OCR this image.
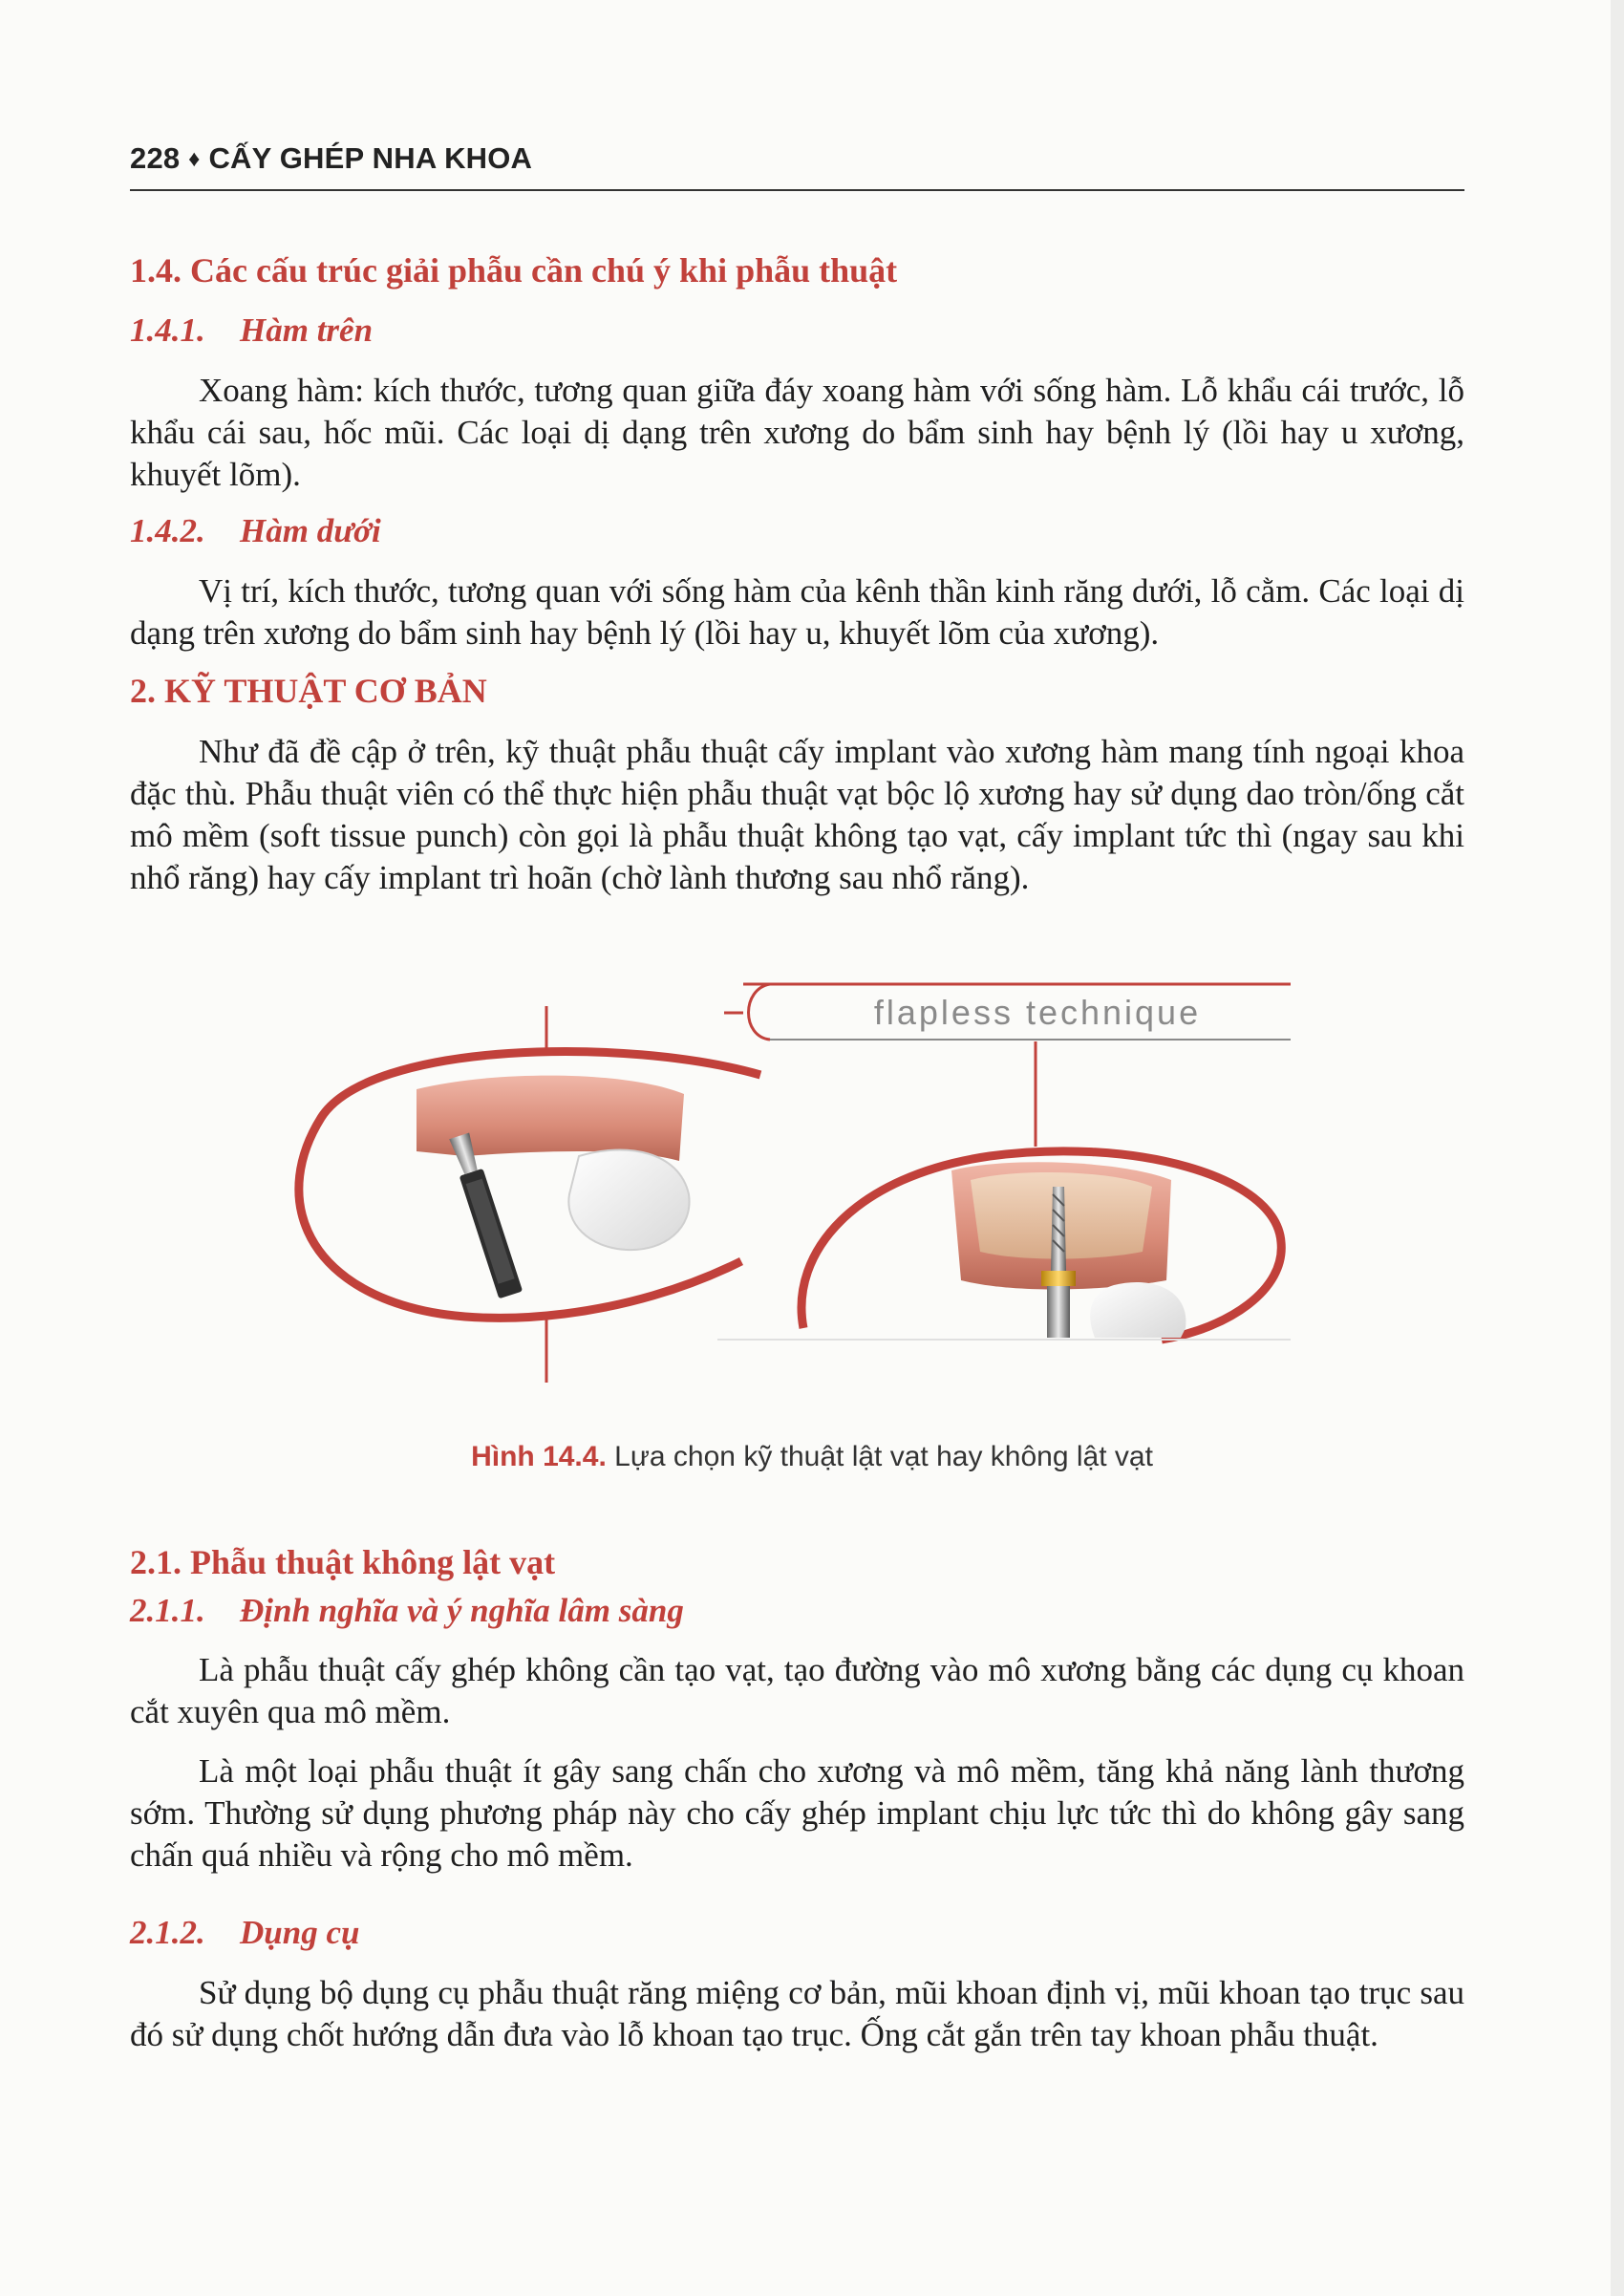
228 ♦ CẤY GHÉP NHA KHOA
1.4. Các cấu trúc giải phẫu cần chú ý khi phẫu thuật
1.4.1. Hàm trên

Xoang hàm: kích thước, tương quan giữa đáy xoang hàm với sống hàm. Lỗ khẩu cái trước, lỗ khẩu cái sau, hốc mũi. Các loại dị dạng trên xương do bẩm sinh hay bệnh lý (lồi hay u xương, khuyết lõm).

1.4.2. Hàm dưới

Vị trí, kích thước, tương quan với sống hàm của kênh thần kinh răng dưới, lỗ cằm. Các loại dị dạng trên xương do bẩm sinh hay bệnh lý (lồi hay u, khuyết lõm của xương).

2. KỸ THUẬT CƠ BẢN

Như đã đề cập ở trên, kỹ thuật phẫu thuật cấy implant vào xương hàm mang tính ngoại khoa đặc thù. Phẫu thuật viên có thể thực hiện phẫu thuật vạt bộc lộ xương hay sử dụng dao tròn/ống cắt mô mềm (soft tissue punch) còn gọi là phẫu thuật không tạo vạt, cấy implant tức thì (ngay sau khi nhổ răng) hay cấy implant trì hoãn (chờ lành thương sau nhổ răng).

flapless technique
Hình 14.4. Lựa chọn kỹ thuật lật vạt hay không lật vạt
2.1. Phẫu thuật không lật vạt
2.1.1. Định nghĩa và ý nghĩa lâm sàng

Là phẫu thuật cấy ghép không cần tạo vạt, tạo đường vào mô xương bằng các dụng cụ khoan cắt xuyên qua mô mềm.

Là một loại phẫu thuật ít gây sang chấn cho xương và mô mềm, tăng khả năng lành thương sớm. Thường sử dụng phương pháp này cho cấy ghép implant chịu lực tức thì do không gây sang chấn quá nhiều và rộng cho mô mềm.

2.1.2. Dụng cụ

Sử dụng bộ dụng cụ phẫu thuật răng miệng cơ bản, mũi khoan định vị, mũi khoan tạo trục sau đó sử dụng chốt hướng dẫn đưa vào lỗ khoan tạo trục. Ống cắt gắn trên tay khoan phẫu thuật.
